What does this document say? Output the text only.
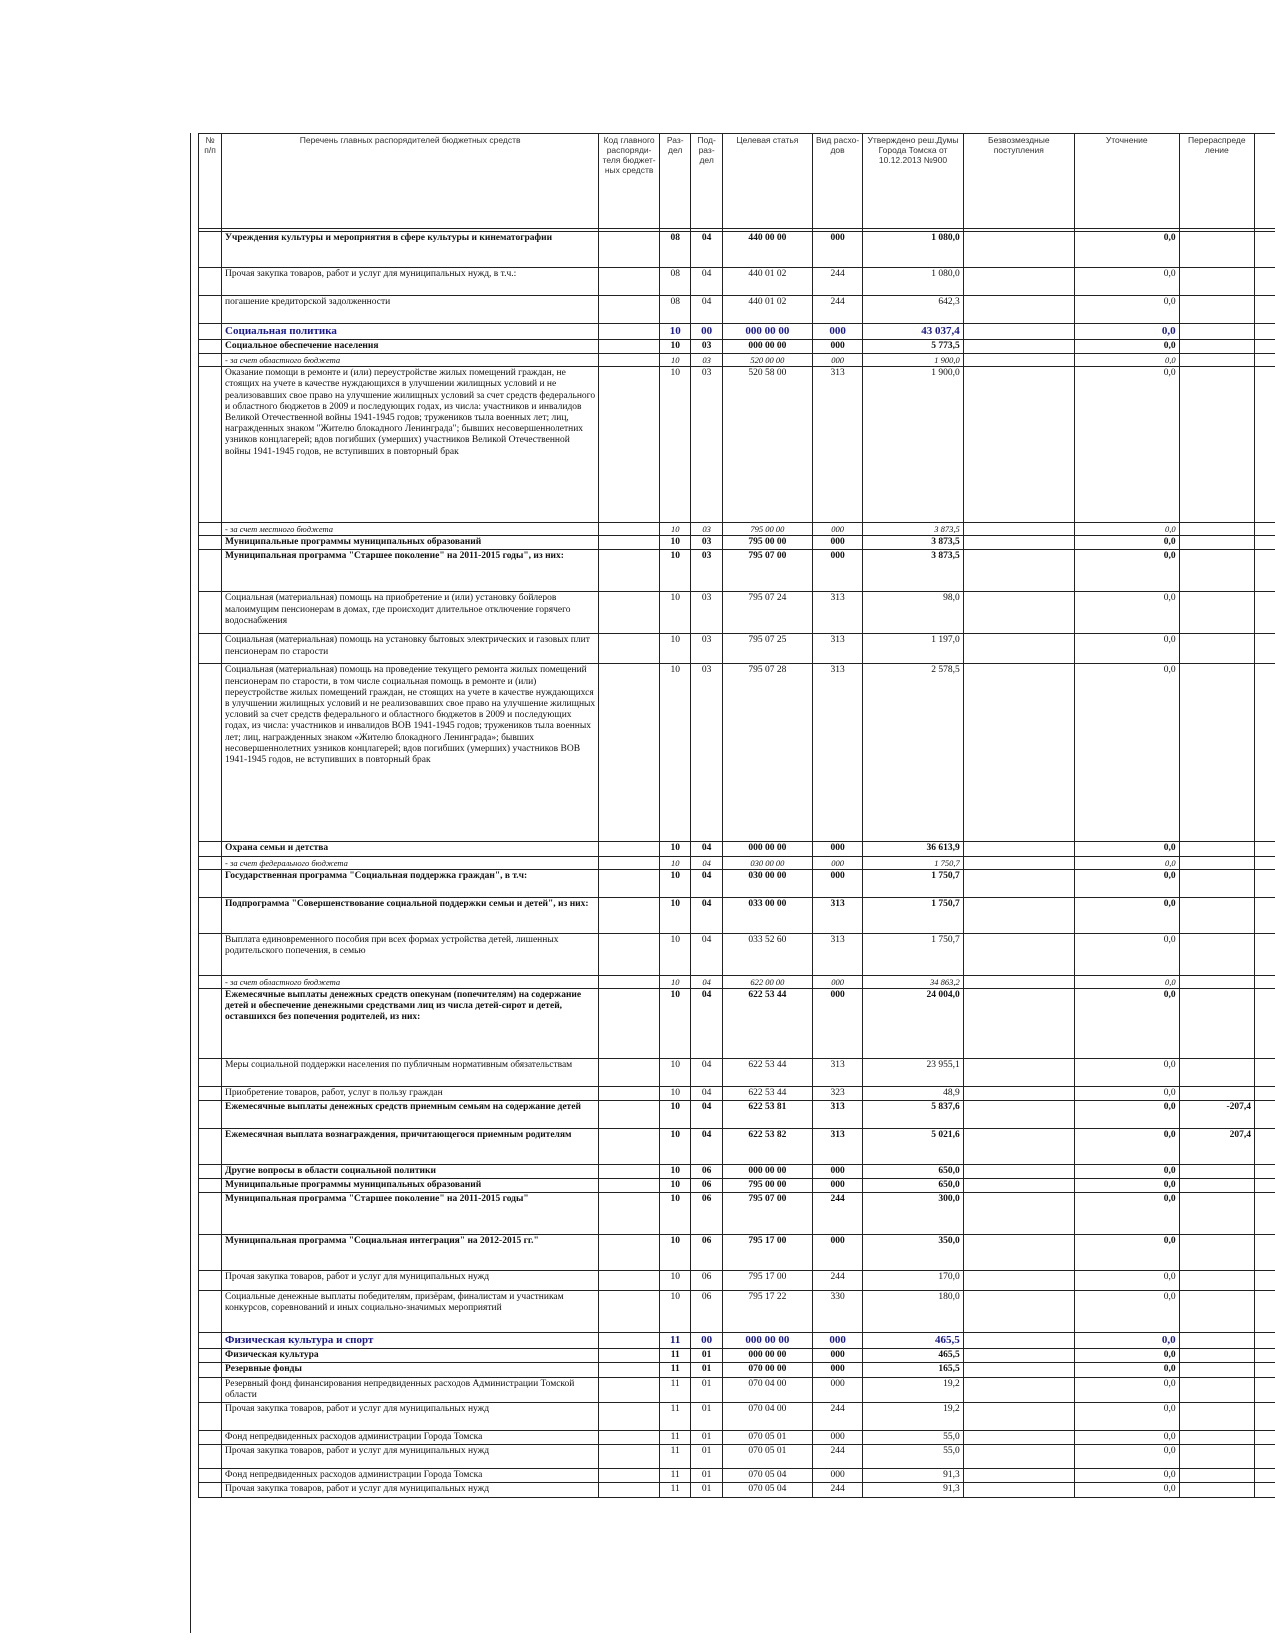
№ п/п	Перечень главных распорядителей бюджетных средств	Код главного распоряди- теля бюджет- ных средств	Раз- дел	Под- раз- дел	Целевая статья	Вид расхо- дов	Утверждено реш.Думы Города Томска от 10.12.2013 №900	Безвозмездные поступления	Уточнение	Перераспреде ление	

	Учреждения культуры и мероприятия в сфере культуры и кинематографии		08	04	440 00 00	000	1 080,0		0,0		
	Прочая закупка товаров, работ и услуг для муниципальных нужд, в т.ч.:		08	04	440 01 02	244	1 080,0		0,0		
	погашение кредиторской задолженности		08	04	440 01 02	244	642,3		0,0		
	Социальная политика		10	00	000 00 00	000	43 037,4		0,0		
	Социальное обеспечение населения		10	03	000 00 00	000	5 773,5		0,0		
	- за счет областного бюджета		10	03	520 00 00	000	1 900,0		0,0		
	Оказание помощи в ремонте и (или) переустройстве жилых помещений граждан, не стоящих на учете в качестве нуждающихся в улучшении жилищных условий и не реализовавших свое право на улучшение жилищных условий за счет средств федерального и областного бюджетов в 2009 и последующих годах, из числа: участников и инвалидов Великой Отечественной войны 1941-1945 годов; тружеников тыла военных лет; лиц, награжденных знаком "Жителю блокадного Ленинграда"; бывших несовершеннолетних узников концлагерей; вдов погибших (умерших) участников Великой Отечественной войны 1941-1945 годов, не вступивших в повторный брак		10	03	520 58 00	313	1 900,0		0,0		
	- за счет местного бюджета		10	03	795 00 00	000	3 873,5		0,0		
	Муниципальные программы муниципальных образований		10	03	795 00 00	000	3 873,5		0,0		
	Муниципальная программа "Старшее поколение" на 2011-2015 годы", из них:		10	03	795 07 00	000	3 873,5		0,0		
	Социальная (материальная) помощь на приобретение и (или) установку бойлеров малоимущим пенсионерам в домах, где происходит длительное отключение горячего водоснабжения		10	03	795 07 24	313	98,0		0,0		
	Социальная (материальная) помощь на установку бытовых электрических и газовых плит пенсионерам по старости		10	03	795 07 25	313	1 197,0		0,0		
	Социальная (материальная) помощь на проведение текущего ремонта жилых помещений пенсионерам по старости, в том числе социальная помощь в ремонте и (или) переустройстве жилых помещений граждан, не стоящих на учете в качестве нуждающихся в улучшении жилищных условий и не реализовавших свое право на улучшение жилищных условий за счет средств федерального и областного бюджетов в 2009 и последующих годах, из числа: участников и инвалидов ВОВ 1941-1945 годов; тружеников тыла военных лет; лиц, награжденных знаком «Жителю блокадного Ленинграда»; бывших несовершеннолетних узников концлагерей; вдов погибших (умерших) участников ВОВ 1941-1945 годов, не вступивших в повторный брак		10	03	795 07 28	313	2 578,5		0,0		
	Охрана семьи и детства		10	04	000 00 00	000	36 613,9		0,0		
	- за счет федерального бюджета		10	04	030 00 00	000	1 750,7		0,0		
	Государственная программа "Социальная поддержка граждан", в т.ч:		10	04	030 00 00	000	1 750,7		0,0		
	Подпрограмма "Совершенствование социальной поддержки семьи и детей", из них:		10	04	033 00 00	313	1 750,7		0,0		
	Выплата единовременного пособия при всех формах устройства детей, лишенных родительского попечения, в семью		10	04	033 52 60	313	1 750,7		0,0		
	- за счет областного бюджета		10	04	622 00 00	000	34 863,2		0,0		
	Ежемесячные выплаты денежных средств опекунам (попечителям) на содержание детей и обеспечение денежными средствами лиц из числа детей-сирот и детей, оставшихся без попечения родителей, из них:		10	04	622 53 44	000	24 004,0		0,0		
	Меры социальной поддержки населения по публичным нормативным обязательствам		10	04	622 53 44	313	23 955,1		0,0		
	Приобретение товаров, работ, услуг в пользу граждан		10	04	622 53 44	323	48,9		0,0		
	Ежемесячные выплаты денежных средств приемным семьям на содержание детей		10	04	622 53 81	313	5 837,6		0,0	-207,4	
	Ежемесячная выплата вознаграждения, причитающегося приемным родителям		10	04	622 53 82	313	5 021,6		0,0	207,4	
	Другие вопросы в области социальной политики		10	06	000 00 00	000	650,0		0,0		
	Муниципальные программы муниципальных образований		10	06	795 00 00	000	650,0		0,0		
	Муниципальная программа "Старшее поколение" на 2011-2015 годы"		10	06	795 07 00	244	300,0		0,0		
	Муниципальная программа "Социальная интеграция" на 2012-2015 гг."		10	06	795 17 00	000	350,0		0,0		
	Прочая закупка товаров, работ и услуг для муниципальных нужд		10	06	795 17 00	244	170,0		0,0		
	Социальные денежные выплаты победителям, призёрам, финалистам и участникам конкурсов, соревнований и иных социально-значимых мероприятий		10	06	795 17 22	330	180,0		0,0		
	Физическая культура и спорт		11	00	000 00 00	000	465,5		0,0		
	Физическая культура		11	01	000 00 00	000	465,5		0,0		
	Резервные фонды		11	01	070 00 00	000	165,5		0,0		
	Резервный фонд финансирования непредвиденных расходов Администрации Томской области		11	01	070 04 00	000	19,2		0,0		
	Прочая закупка товаров, работ и услуг для муниципальных нужд		11	01	070 04 00	244	19,2		0,0		
	Фонд непредвиденных расходов администрации Города Томска		11	01	070 05 01	000	55,0		0,0		
	Прочая закупка товаров, работ и услуг для муниципальных нужд		11	01	070 05 01	244	55,0		0,0		
	Фонд непредвиденных расходов администрации Города Томска		11	01	070 05 04	000	91,3		0,0		
	Прочая закупка товаров, работ и услуг для муниципальных нужд		11	01	070 05 04	244	91,3		0,0		
